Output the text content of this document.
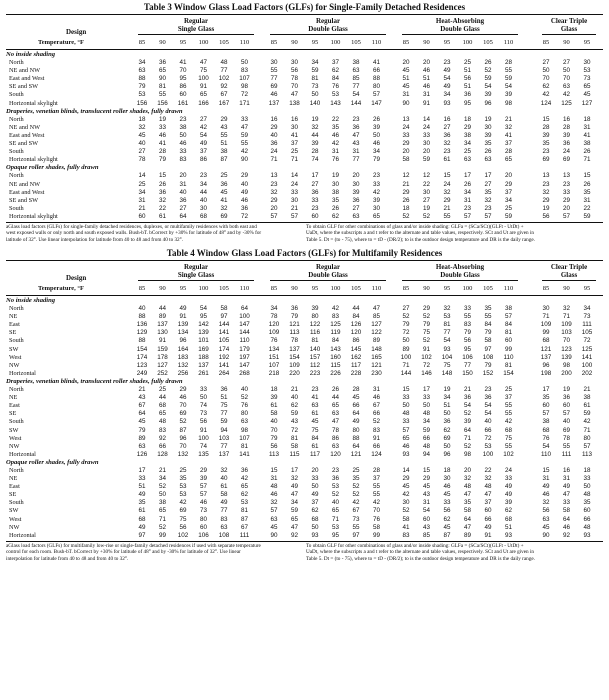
Table 3 Window Glass Load Factors (GLFs) for Single-Family Detached Residences
Regular
Single Glass
Regular
Double Glass
Heat-Absorbing
Double Glass
Clear Triple
Glass
Design
Temperature, °F	85	90	95	100	105	110	85	90	95	100	105	110	85	90	95	100	105	110	85	90	95
No inside shading
North	34	36	41	47	48	50	30	30	34	37	38	41	20	20	23	25	26	28	27	27	30
NE and NW	63	65	70	75	77	83	55	56	59	62	63	66	45	46	49	51	52	55	50	50	53
East and West	88	90	95	100 102 107	77	78	81	84	85	88	51	51	54	56	59	59	70	70	73
SE and SW	79	81	86	91	92	98	69	70	73	76	77	80	45	46	49	51	54	54	62	63	65
South	53	55	60	65	67	72	46	47	50	53	54	57	31	31	34	36	39	39	42	42	45
Horizontal skylight	156 156 161 166 167 171	137 138 140 143 144 147	90	91	93	95	96	98	124 125 127
Draperies, venetian blinds, translucent roller shades, fully drawn
North	18	19	23	27	29	33	16	16	19	22	23	26	13	14	16	18	19	21	15	16	18
NE and NW	32	33	38	42	43	47	29	30	32	35	36	39	24	24	27	29	30	32	28	28	31
East and West	45	46	50	54	55	59	40	41	44	46	47	50	33	33	36	38	39	41	39	39	41
SE and SW	40	41	46	49	51	55	36	37	39	42	43	46	29	30	32	34	35	37	35	36	38
South	27	28	33	37	38	42	24	25	28	31	31	34	20	20	23	25	26	28	23	24	26
Horizontal skylight	78	79	83	86	87	90	71	71	74	76	77	79	58	59	61	63	63	65	69	69	71
Opaque roller shades, fully drawn
North	14	15	20	23	25	29	13	14	17	19	20	23	12	12	15	17	17	20	13	13	15
NE and NW	25	26	31	34	36	40	23	24	27	30	30	33	21	22	24	26	27	29	23	23	26
East and West	34	36	40	44	45	49	32	33	36	38	39	42	29	30	32	34	35	37	32	33	35
SE and SW	31	32	36	40	41	46	29	30	33	35	36	39	26	27	29	31	32	34	29	29	31
South	21	22	27	30	32	36	20	21	23	26	27	30	18	19	21	23	23	25	19	20	22
Horizontal skylight	60	61	64	68	69	72	57	57	60	62	63	65	52	52	55	57	57	59	56	57	59
aGlass load factors (GLFs) for single-family detached residences, duplexes, or multifamily residences with both east and west exposed walls or only north and south exposed walls. Bush-bT. bCorrect by +30% for latitude of 48° and by -30% for latitude of 32°. Use linear interpolation for latitude from 40 to 48 and from 40 to 32°.
To obtain GLF for other combinations of glass and/or inside shading: GLFa = (SCa/SCt)(GLFt - UtDt) + UaDt, where the subscripts a and t refer to the alternate and table values, respectively. SCt and Ut are given in Table 5. Dt = (to - 75), where to = tD - (DR/2); to is the outdoor design temperature and DR is the daily range.
Table 4 Window Glass Load Factors (GLFs) for Multifamily Residences
Regular
Single Glass
Regular
Double Glass
Heat-Absorbing
Double Glass
Clear Triple
Glass
Design
Temperature, °F	85	90	95	100	105	110	85	90	95	100	105	110	85	90	95	100	105	110	85	90	95
No inside shading
North	40	44	49	54	58	64	34	36	39	42	44	47	27	29	32	33	35	38	30	32	34
NE	88	89	91	95	97	100	78	79	80	83	84	85	52	52	53	55	55	57	71	71	73
East	136 137 139 142 144 147	120 121 122 125 126 127	79	79	81	83	84	84	109 109	111
SE	129 130 134 139 141 144	109	113	116	119	120 122	72	75	77	79	79	81	99	103 105
South	88	91	96	101 105	110	76	78	81	84	86	89	50	52	54	56	58	60	68	70	72
SW	154 159 164 169 174 179	134 137 140 143 145 148	89	91	93	95	97	99	121 123 125
West	174 178 183 188 192 197	151 154 157 160 162 165	100 102 104 106 108	110	137 139 141
NW	123 127 132 137 141 147	107 109	112	115	117	121	71	72	75	77	79	81	96	98	100
Horizontal	249 252 256 261 264 268	218 220 223 226 228 230	144 146 148 150 152 154	198 200 202
Draperies, venetian blinds, translucent roller shades, fully drawn
North	21	25	29	33	36	40	18	21	23	26	28	31	15	17	19	21	23	25	17	19	21
NE	43	44	46	50	51	52	39	40	41	44	45	46	33	33	34	36	36	37	35	36	38
East	67	68	70	74	75	76	61	62	63	65	66	67	50	50	51	54	54	55	60	60	61
SE	64	65	69	73	77	80	58	59	61	63	64	66	48	48	50	52	54	55	57	57	59
South	45	48	52	56	59	63	40	43	45	47	49	52	33	34	36	39	40	42	38	40	42
SW	79	83	87	91	94	98	70	72	75	78	80	83	57	59	62	64	66	68	68	69	71
West	89	92	96	100 103 107	79	81	84	86	88	91	65	66	69	71	72	75	76	78	80
NW	63	66	70	74	77	81	56	58	61	63	64	66	46	48	50	52	53	55	54	55	57
Horizontal	126 128 132 135 137 141	113	115	117	120 121 124	93	94	96	98	100 102	110	111	113
Opaque roller shades, fully drawn
North	17	21	25	29	32	36	15	17	20	23	25	28	14	15	18	20	22	24	15	16	18
NE	33	34	35	39	40	42	31	32	33	36	35	37	29	29	30	32	32	33	31	31	33
East	51	52	53	57	61	65	48	49	50	53	52	55	45	45	46	48	48	49	49	49	50
SE	49	50	53	57	58	62	46	47	49	52	52	55	42	43	45	47	47	49	46	47	48
South	35	38	42	46	49	53	32	34	37	40	42	42	30	31	33	35	37	39	32	33	35
SW	61	65	69	73	77	81	57	59	62	65	67	70	52	54	56	58	60	62	56	58	60
West	68	71	75	80	83	87	63	65	68	71	73	76	58	60	62	64	66	68	63	64	66
NW	49	52	56	60	63	67	45	47	50	53	55	58	41	43	45	47	49	51	45	46	48
Horizontal	97	99	102 106 108	111	90	92	93	95	97	99	83	85	87	89	91	93	90	92	93
aGlass load factors (GLFs) for multifamily low-rise or single-family detached residences if used with separate temperature control for each room. Bush-bT. bCorrect by +30% for latitude of 48° and by -30% for latitude of 32°. Use linear interpolation for latitude from 40 to 48 and from 40 to 32°.
To obtain GLF for other combinations of glass and/or inside shading: GLFa = (SCa/SCt)(GLFt - UtDt) + UaDt, where the subscripts a and t refer to the alternate and table values, respectively. SCt and Ut are given in Table 5. Dt = (to - 75), where to = tD - (DR/2); to is the outdoor design temperature and DR is the daily range.
